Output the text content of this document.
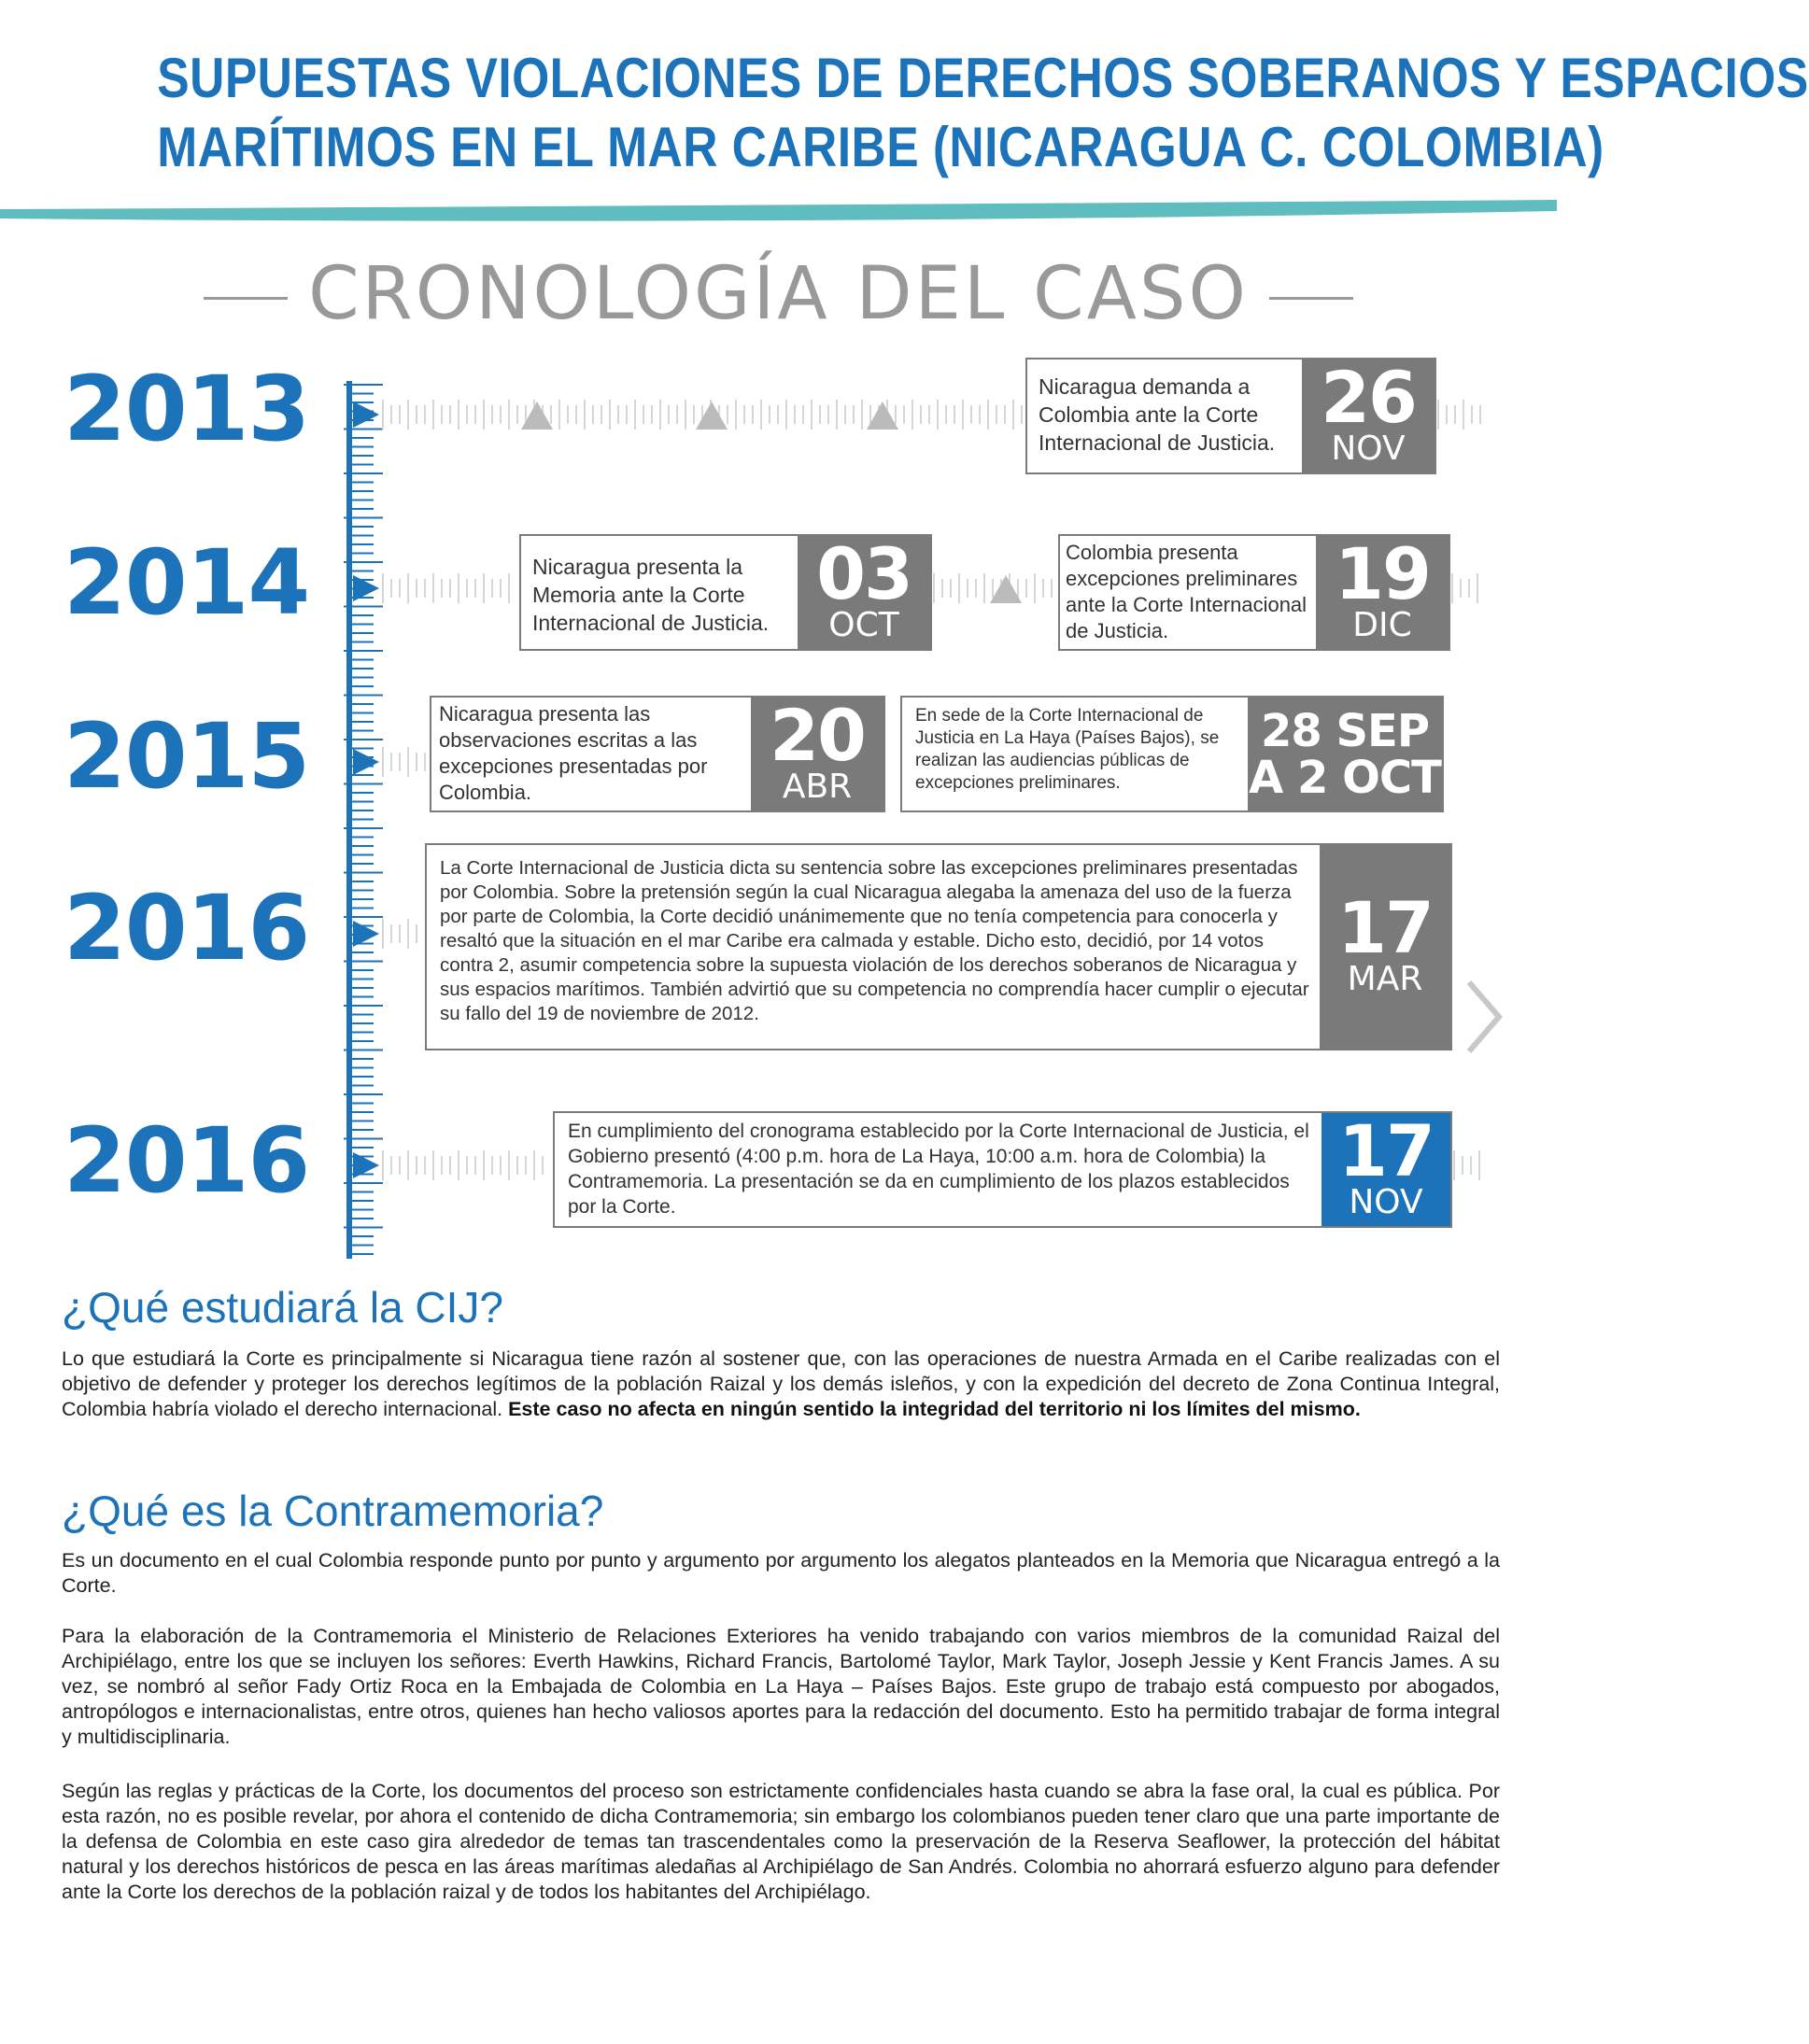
SUPUESTAS VIOLACIONES DE DERECHOS SOBERANOS Y ESPACIOS
MARÍTIMOS EN EL MAR CARIBE (NICARAGUA C. COLOMBIA)
CRONOLOGÍA DEL CASO
2013
2014
2015
2016
2016
Nicaragua demanda a Colombia ante la Corte Internacional de Justicia.
26
NOV
Nicaragua presenta la Memoria ante la Corte Internacional de Justicia.
03
OCT
Colombia presenta excepciones preliminares ante la Corte Internacional de Justicia.
19
DIC
Nicaragua presenta las observaciones escritas a las excepciones presentadas por Colombia.
20
ABR
En sede de la Corte Internacional de Justicia en La Haya (Países Bajos), se realizan las audiencias públicas de excepciones preliminares.
28 SEP
A 2 OCT
La Corte Internacional de Justicia dicta su sentencia sobre las excepciones preliminares presentadas por Colombia. Sobre la pretensión según la cual Nicaragua alegaba la amenaza del uso de la fuerza por parte de Colombia, la Corte decidió unánimemente que no tenía competencia para conocerla y resaltó que la situación en el mar Caribe era calmada y estable. Dicho esto, decidió, por 14 votos contra 2, asumir competencia sobre la supuesta violación de los derechos soberanos de Nicaragua y sus espacios marítimos. También advirtió que su competencia no comprendía hacer cumplir o ejecutar su fallo del 19 de noviembre de 2012.
17
MAR
En cumplimiento del cronograma establecido por la Corte Internacional de Justicia, el Gobierno presentó (4:00 p.m. hora de La Haya, 10:00 a.m. hora de Colombia) la Contramemoria. La presentación se da en cumplimiento de los plazos establecidos por la Corte.
17
NOV
¿Qué estudiará la CIJ?
Lo que estudiará la Corte es principalmente si Nicaragua tiene razón al sostener que, con las operaciones de nuestra Armada en el Caribe realizadas con el objetivo de defender y proteger los derechos legítimos de la población Raizal y los demás isleños, y con la expedición del decreto de Zona Continua Integral, Colombia habría violado el derecho internacional. Este caso no afecta en ningún sentido la integridad del territorio ni los límites del mismo.
¿Qué es la Contramemoria?
Es un documento en el cual Colombia responde punto por punto y argumento por argumento los alegatos planteados en la Memoria que Nicaragua entregó a la Corte.
Para la elaboración de la Contramemoria el Ministerio de Relaciones Exteriores ha venido trabajando con varios miembros de la comunidad Raizal del Archipiélago, entre los que se incluyen los señores: Everth Hawkins, Richard Francis, Bartolomé Taylor, Mark Taylor, Joseph Jessie y Kent Francis James. A su vez, se nombró al señor Fady Ortiz Roca en la Embajada de Colombia en La Haya – Países Bajos. Este grupo de trabajo está compuesto por abogados, antropólogos e internacionalistas, entre otros, quienes han hecho valiosos aportes para la redacción del documento. Esto ha permitido trabajar de forma integral y multidisciplinaria.
Según las reglas y prácticas de la Corte, los documentos del proceso son estrictamente confidenciales hasta cuando se abra la fase oral, la cual es pública. Por esta razón, no es posible revelar, por ahora el contenido de dicha Contramemoria; sin embargo los colombianos pueden tener claro que una parte importante de la defensa de Colombia en este caso gira alrededor de temas tan trascendentales como la preservación de la Reserva Seaflower, la protección del hábitat natural y los derechos históricos de pesca en las áreas marítimas aledañas al Archipiélago de San Andrés. Colombia no ahorrará esfuerzo alguno para defender ante la Corte los derechos de la población raizal y de todos los habitantes del Archipiélago.
